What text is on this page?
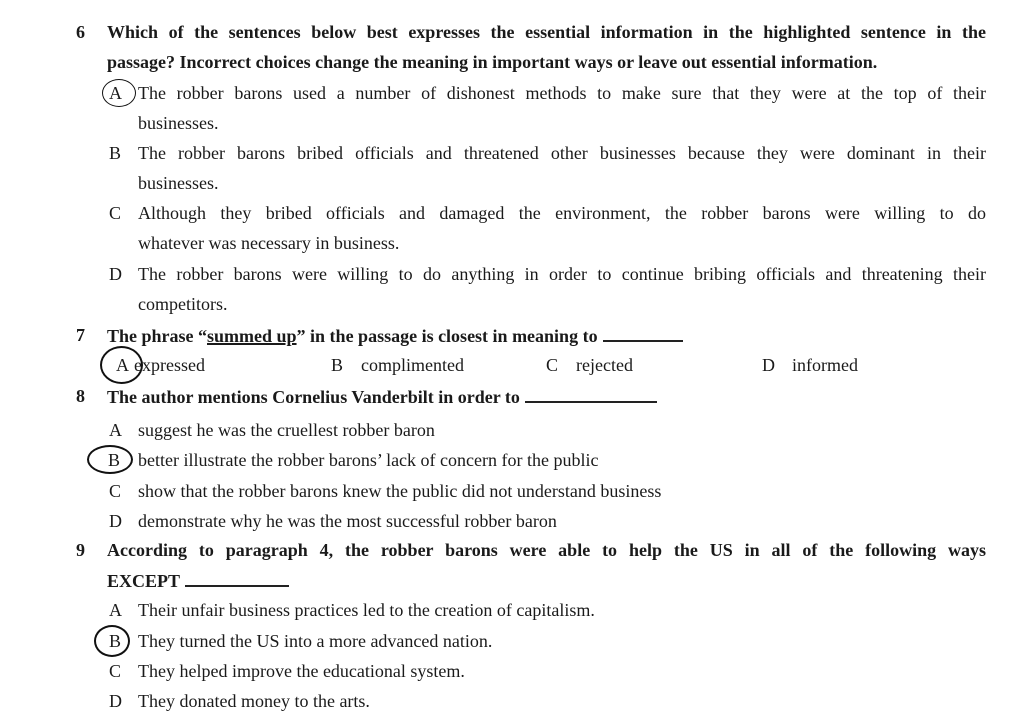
6 Which of the sentences below best expresses the essential information in the highlighted sentence in the
passage? Incorrect choices change the meaning in important ways or leave out essential information.
A The robber barons used a number of dishonest methods to make sure that they were at the top of their
businesses.
B The robber barons bribed officials and threatened other businesses because they were dominant in their
businesses.
C Although they bribed officials and damaged the environment, the robber barons were willing to do
whatever was necessary in business.
D The robber barons were willing to do anything in order to continue bribing officials and threatening their
competitors.
7 The phrase “summed up” in the passage is closest in meaning to
A expressed	B complimented	C rejected	D informed
8 The author mentions Cornelius Vanderbilt in order to
A suggest he was the cruellest robber baron
B better illustrate the robber barons’ lack of concern for the public
C show that the robber barons knew the public did not understand business
D demonstrate why he was the most successful robber baron
9 According to paragraph 4, the robber barons were able to help the US in all of the following ways
EXCEPT
A Their unfair business practices led to the creation of capitalism.
B They turned the US into a more advanced nation.
C They helped improve the educational system.
D They donated money to the arts.
